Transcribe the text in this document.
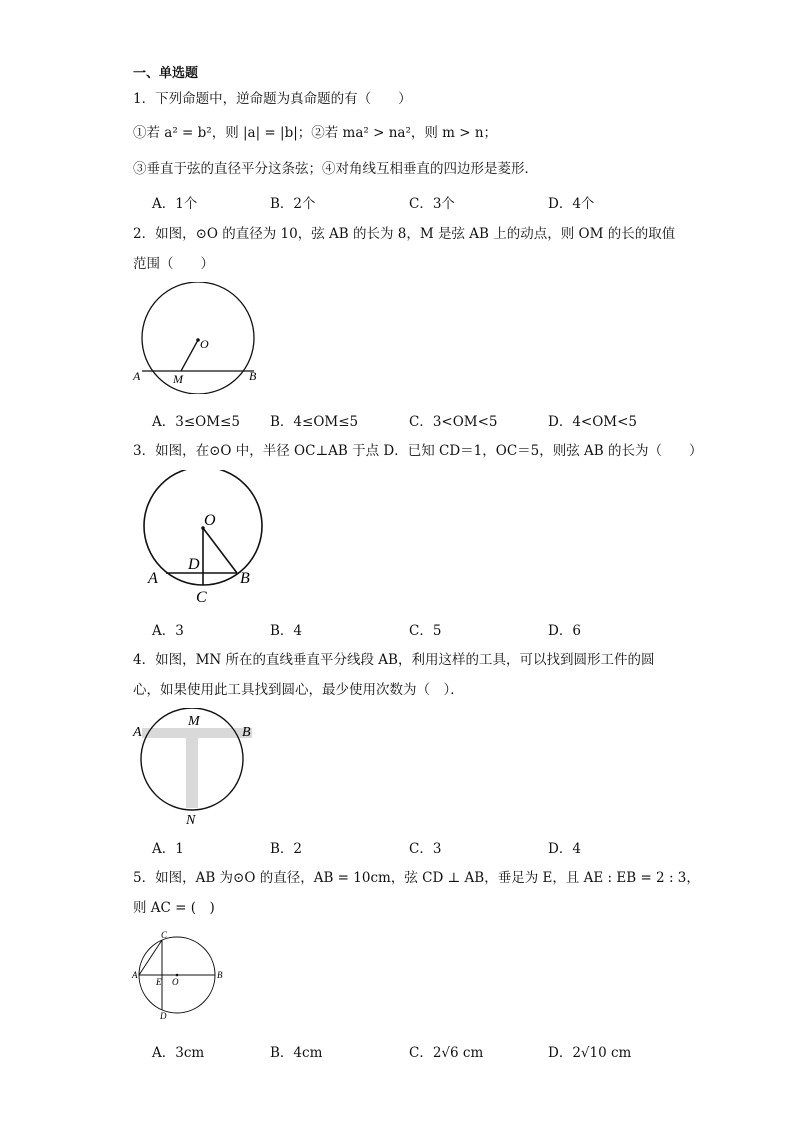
一、单选题
1．下列命题中，逆命题为真命题的有（　　）
①若 a² = b²，则 |a| = |b|；②若 ma² > na²，则 m > n；
③垂直于弦的直径平分这条弦；④对角线互相垂直的四边形是菱形．
A．1个	B．2个	C．3个	D．4个
2．如图，⊙O 的直径为 10，弦 AB 的长为 8，M 是弦 AB 上的动点，则 OM 的长的取值
范围（　　）
O
A	M	B
A．3≤OM≤5 B．4≤OM≤5	C．3<OM<5	D．4<OM<5
3．如图，在⊙O 中，半径 OC⊥AB 于点 D．已知 CD＝1，OC＝5，则弦 AB 的长为（　　）
O
D
A	B
C
A．3	B．4	C．5	D．6
4．如图，MN 所在的直线垂直平分线段 AB，利用这样的工具，可以找到圆形工件的圆
心，如果使用此工具找到圆心，最少使用次数为（　）．
M
A	B
N
A．1	B．2	C．3	D．4
5．如图，AB 为⊙O 的直径，AB = 10cm，弦 CD ⊥ AB，垂足为 E，且 AE : EB = 2 : 3，
则 AC = (　)
C
A
E O
B
D
A．3cm	B．4cm	C．2√6 cm	D．2√10 cm
